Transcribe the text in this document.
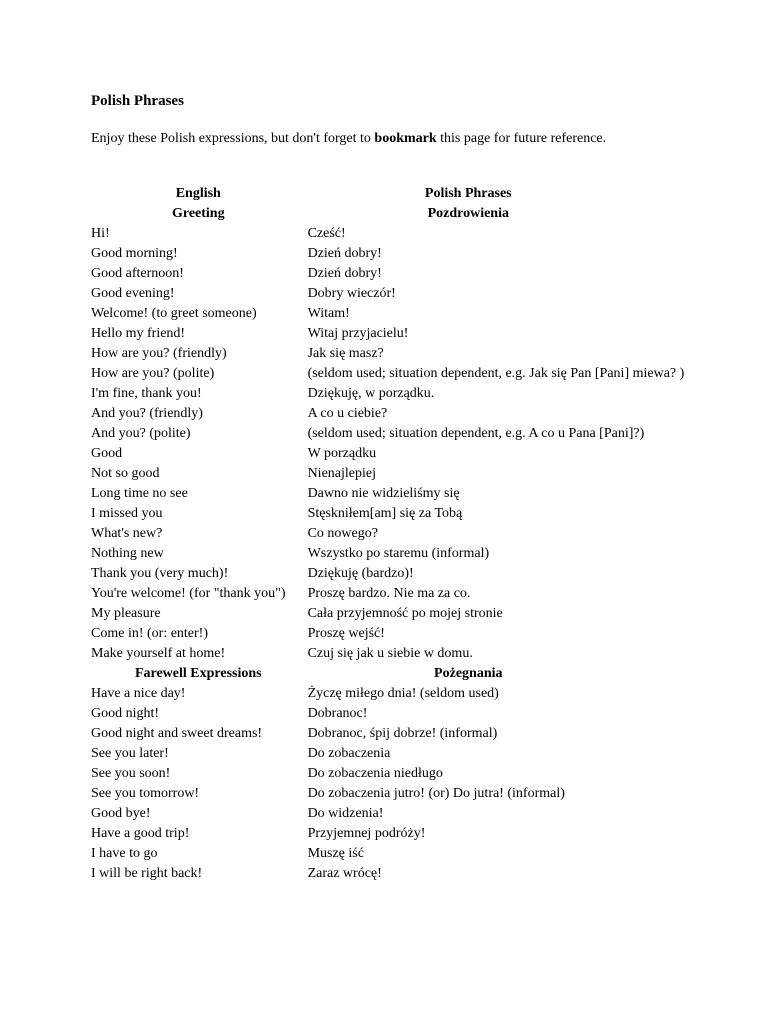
Polish Phrases
Enjoy these Polish expressions, but don't forget to bookmark this page for future reference.
English	Polish Phrases
Greeting	Pozdrowienia
Hi!	Cześć!
Good morning!	Dzień dobry!
Good afternoon!	Dzień dobry!
Good evening!	Dobry wieczór!
Welcome! (to greet someone)	Witam!
Hello my friend!	Witaj przyjacielu!
How are you? (friendly)	Jak się masz?
How are you? (polite)	(seldom used; situation dependent, e.g. Jak się Pan [Pani] miewa? )
I'm fine, thank you!	Dziękuję, w porządku.
And you? (friendly)	A co u ciebie?
And you? (polite)	(seldom used; situation dependent, e.g. A co u Pana [Pani]?)
Good	W porządku
Not so good	Nienajlepiej
Long time no see	Dawno nie widzieliśmy się
I missed you	Stęskniłem[am] się za Tobą
What's new?	Co nowego?
Nothing new	Wszystko po staremu (informal)
Thank you (very much)!	Dziękuję (bardzo)!
You're welcome! (for "thank you")	Proszę bardzo. Nie ma za co.
My pleasure	Cała przyjemność po mojej stronie
Come in! (or: enter!)	Proszę wejść!
Make yourself at home!	Czuj się jak u siebie w domu.
Farewell Expressions	Pożegnania
Have a nice day!	Życzę miłego dnia! (seldom used)
Good night!	Dobranoc!
Good night and sweet dreams!	Dobranoc, śpij dobrze! (informal)
See you later!	Do zobaczenia
See you soon!	Do zobaczenia niedługo
See you tomorrow!	Do zobaczenia jutro! (or) Do jutra! (informal)
Good bye!	Do widzenia!
Have a good trip!	Przyjemnej podróży!
I have to go	Muszę iść
I will be right back!	Zaraz wrócę!
